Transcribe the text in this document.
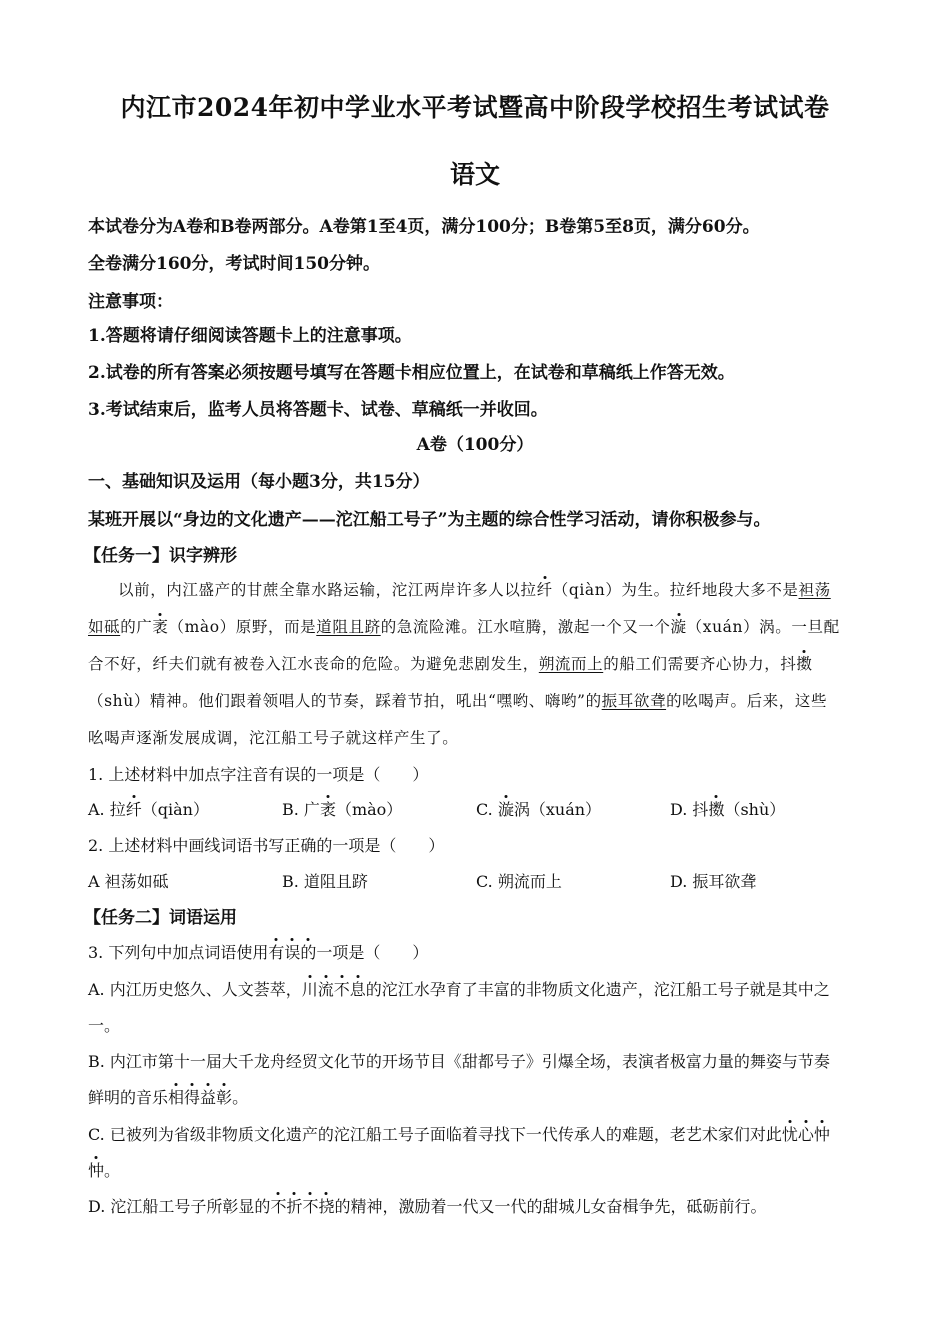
内江市2024年初中学业水平考试暨高中阶段学校招生考试试卷
语文
本试卷分为A卷和B卷两部分。A卷第1至4页，满分100分；B卷第5至8页，满分60分。
全卷满分160分，考试时间150分钟。
注意事项：
1.答题将请仔细阅读答题卡上的注意事项。
2.试卷的所有答案必须按题号填写在答题卡相应位置上，在试卷和草稿纸上作答无效。
3.考试结束后，监考人员将答题卡、试卷、草稿纸一并收回。
A卷（100分）
一、基础知识及运用（每小题3分，共15分）
某班开展以“身边的文化遗产——沱江船工号子”为主题的综合性学习活动，请你积极参与。
【任务一】识字辨形
以前，内江盛产的甘蔗全靠水路运输，沱江两岸许多人以拉纤（qiàn）为生。拉纤地段大多不是袒荡
如砥的广袤（mào）原野，而是道阻且跻的急流险滩。江水喧腾，激起一个又一个漩（xuán）涡。一旦配
合不好，纤夫们就有被卷入江水丧命的危险。为避免悲剧发生，朔流而上的船工们需要齐心协力，抖擞
（shù）精神。他们跟着领唱人的节奏，踩着节拍，吼出“嘿哟、嗨哟”的振耳欲聋的吆喝声。后来，这些
吆喝声逐渐发展成调，沱江船工号子就这样产生了。
1. 上述材料中加点字注音有误的一项是（　　）
A. 拉纤（qiàn）	B. 广袤（mào）	C. 漩涡（xuán）	D. 抖擞（shù）
2. 上述材料中画线词语书写正确的一项是（　　）
A 袒荡如砥	B. 道阻且跻	C. 朔流而上	D. 振耳欲聋
【任务二】词语运用
3. 下列句中加点词语使用有误的一项是（　　）
A. 内江历史悠久、人文荟萃，川流不息的沱江水孕育了丰富的非物质文化遗产，沱江船工号子就是其中之
一。
B. 内江市第十一届大千龙舟经贸文化节的开场节目《甜都号子》引爆全场，表演者极富力量的舞姿与节奏
鲜明的音乐相得益彰。
C. 已被列为省级非物质文化遗产的沱江船工号子面临着寻找下一代传承人的难题，老艺术家们对此忧心忡
忡。
D. 沱江船工号子所彰显的不折不挠的精神，激励着一代又一代的甜城儿女奋楫争先，砥砺前行。
